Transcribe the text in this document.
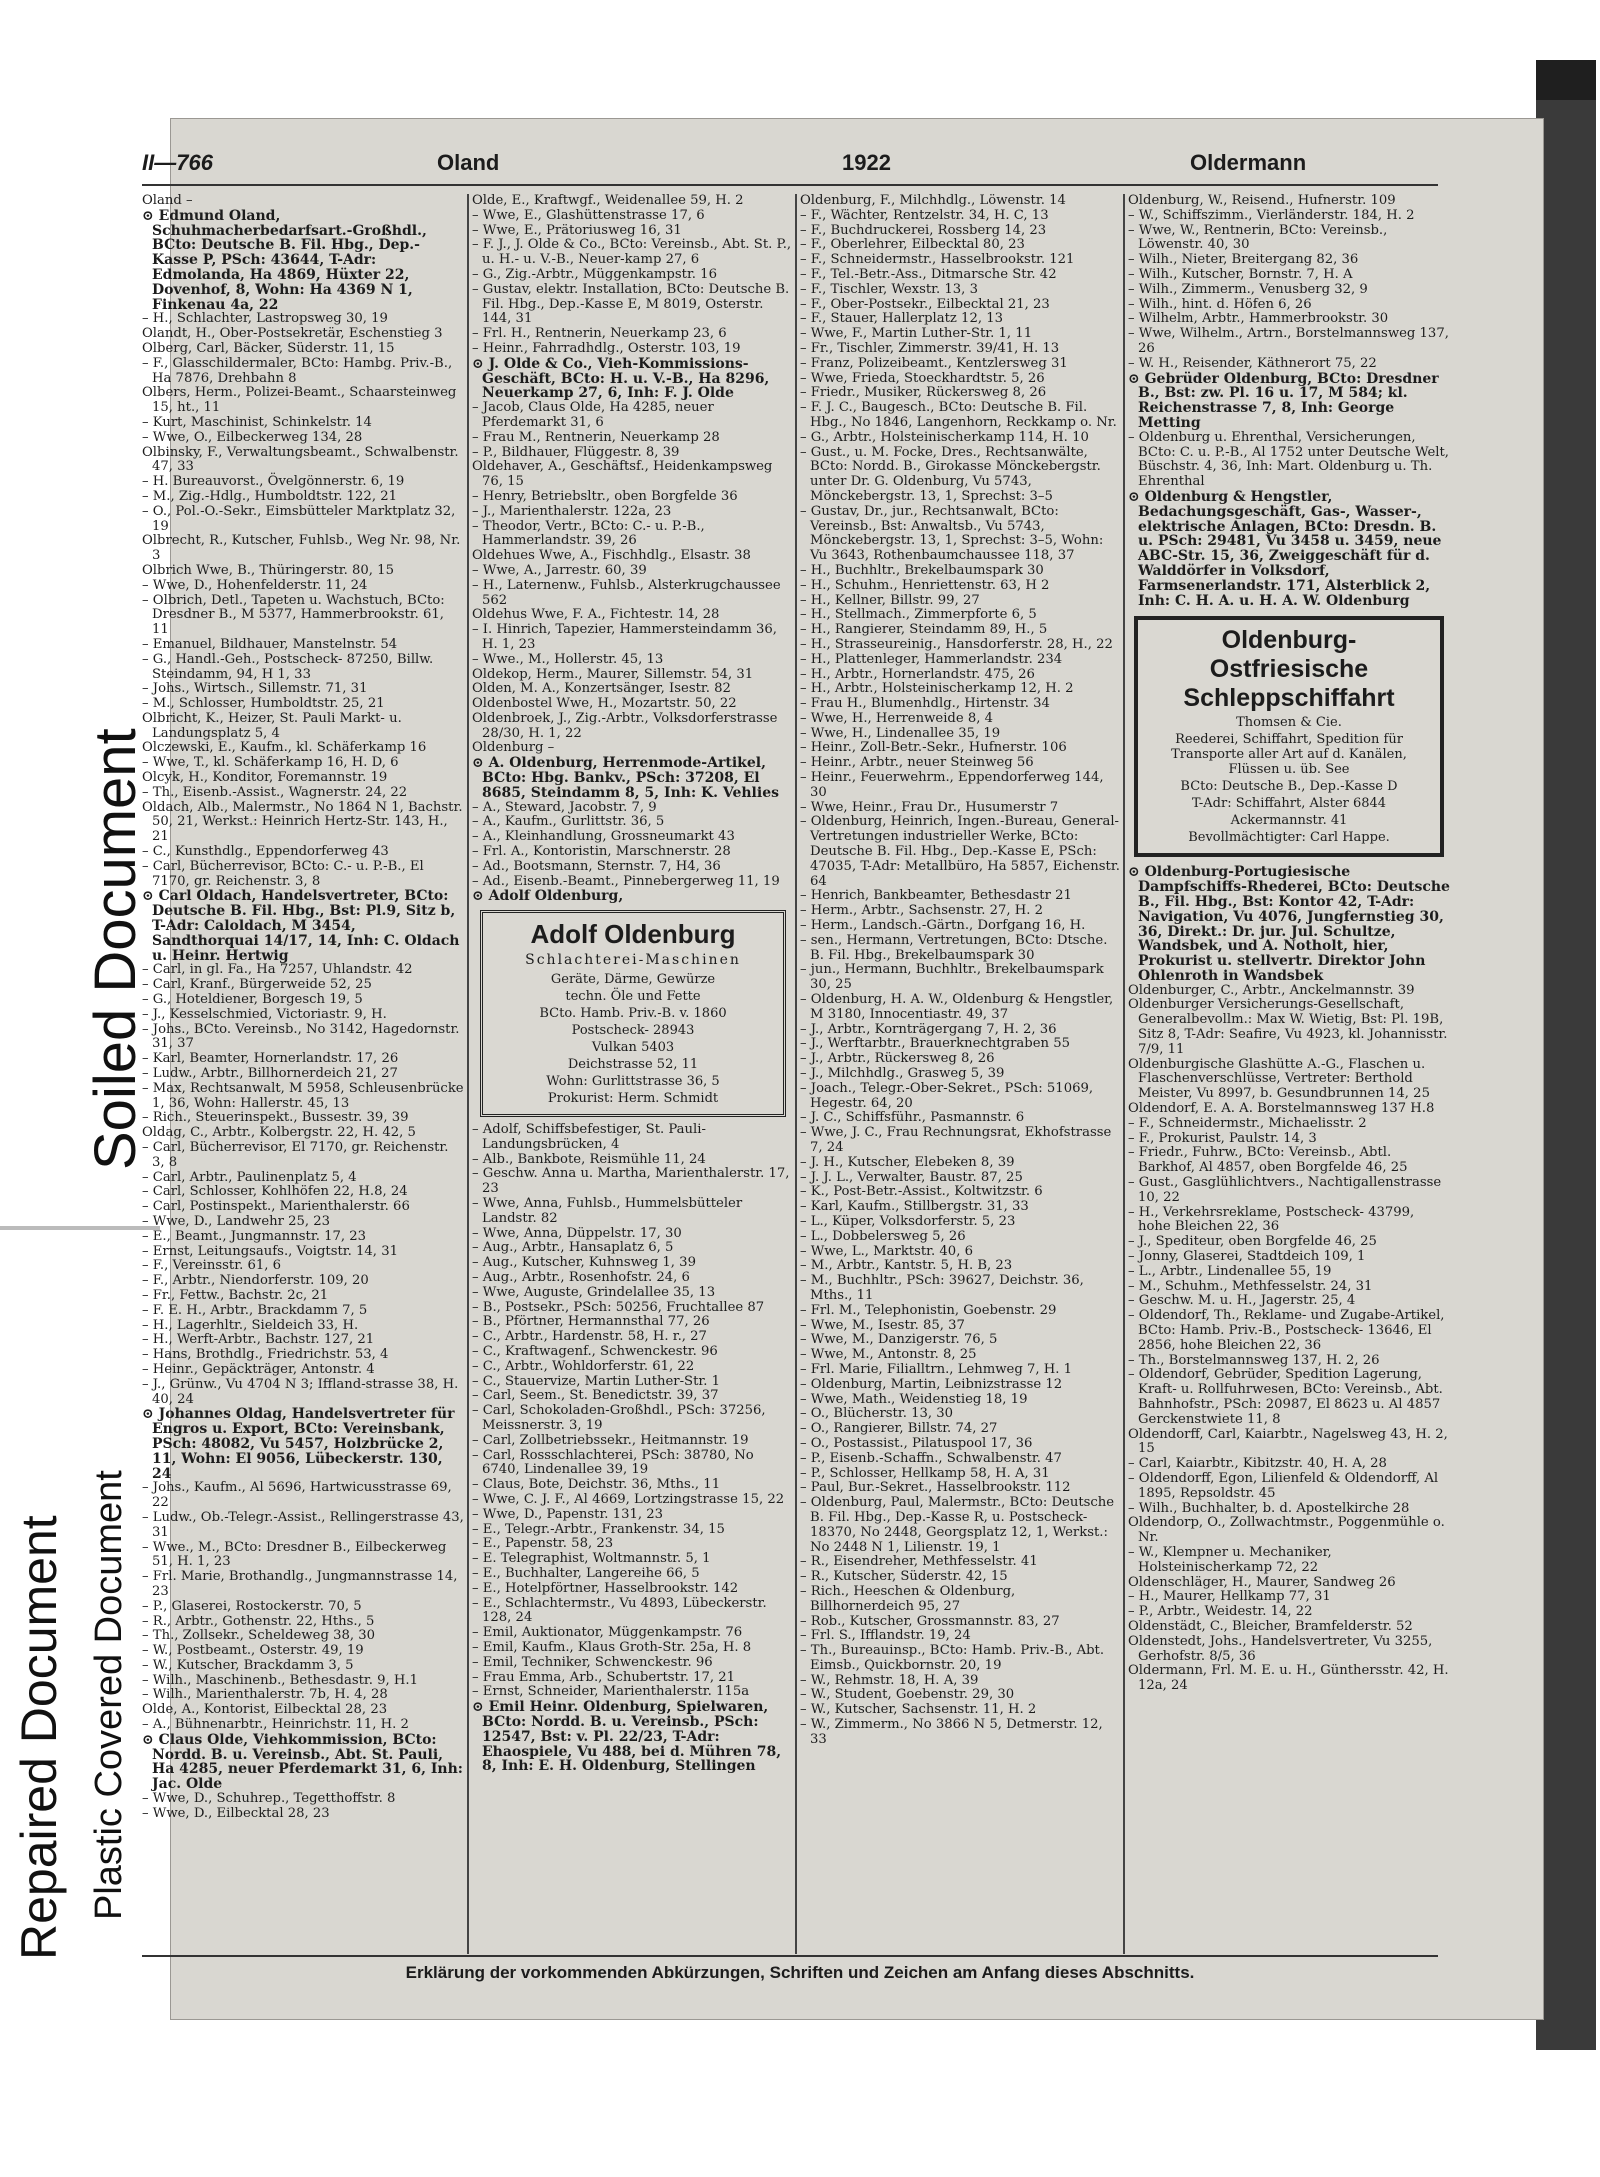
Soiled Document
Repaired Document Plastic Covered Document
II—766	Oland	1922	Oldermann

Oland –

⊙ Edmund Oland, Schuhmacherbedarfsart.-Großhdl., BCto: Deutsche B. Fil. Hbg., Dep.-Kasse P, PSch: 43644, T-Adr: Edmolanda, Ha 4869, Hüxter 22, Dovenhof, 8, Wohn: Ha 4369 N 1, Finkenau 4a, 22

– H., Schlachter, Lastropsweg 30, 19

Olandt, H., Ober-Postsekretär, Eschenstieg 3

Olberg, Carl, Bäcker, Süderstr. 11, 15

– F., Glasschildermaler, BCto: Hambg. Priv.-B., Ha 7876, Drehbahn 8

Olbers, Herm., Polizei-Beamt., Schaarsteinweg 15, ht., 11

– Kurt, Maschinist, Schinkelstr. 14

– Wwe, O., Eilbeckerweg 134, 28

Olbinsky, F., Verwaltungsbeamt., Schwalbenstr. 47, 33

– H. Bureauvorst., Övelgönnerstr. 6, 19

– M., Zig.-Hdlg., Humboldtstr. 122, 21

– O., Pol.-O.-Sekr., Eimsbütteler Marktplatz 32, 19

Olbrecht, R., Kutscher, Fuhlsb., Weg Nr. 98, Nr. 3

Olbrich Wwe, B., Thüringerstr. 80, 15

– Wwe, D., Hohenfelderstr. 11, 24

– Olbrich, Detl., Tapeten u. Wachstuch, BCto: Dresdner B., M 5377, Hammerbrookstr. 61, 11

– Emanuel, Bildhauer, Manstelnstr. 54

– G., Handl.-Geh., Postscheck- 87250, Billw. Steindamm, 94, H 1, 33

– Johs., Wirtsch., Sillemstr. 71, 31

– M., Schlosser, Humboldtstr. 25, 21

Olbricht, K., Heizer, St. Pauli Markt- u. Landungsplatz 5, 4

Olczewski, E., Kaufm., kl. Schäferkamp 16

– Wwe, T., kl. Schäferkamp 16, H. D, 6

Olcyk, H., Konditor, Foremannstr. 19

– Th., Eisenb.-Assist., Wagnerstr. 24, 22

Oldach, Alb., Malermstr., No 1864 N 1, Bachstr. 50, 21, Werkst.: Heinrich Hertz-Str. 143, H., 21

– C., Kunsthdlg., Eppendorferweg 43

– Carl, Bücherrevisor, BCto: C.- u. P.-B., El 7170, gr. Reichenstr. 3, 8

⊙ Carl Oldach, Handelsvertreter, BCto: Deutsche B. Fil. Hbg., Bst: Pl.9, Sitz b, T-Adr: Caloldach, M 3454, Sandthorquai 14/17, 14, Inh: C. Oldach u. Heinr. Hertwig

– Carl, in gl. Fa., Ha 7257, Uhlandstr. 42

– Carl, Kranf., Bürgerweide 52, 25

– G., Hoteldiener, Borgesch 19, 5

– J., Kesselschmied, Victoriastr. 9, H.

– Johs., BCto. Vereinsb., No 3142, Hagedornstr. 31, 37

– Karl, Beamter, Hornerlandstr. 17, 26

– Ludw., Arbtr., Billhornerdeich 21, 27

– Max, Rechtsanwalt, M 5958, Schleusenbrücke 1, 36, Wohn: Hallerstr. 45, 13

– Rich., Steuerinspekt., Bussestr. 39, 39

Oldag, C., Arbtr., Kolbergstr. 22, H. 42, 5

– Carl, Bücherrevisor, El 7170, gr. Reichenstr. 3, 8

– Carl, Arbtr., Paulinenplatz 5, 4

– Carl, Schlosser, Kohlhöfen 22, H.8, 24

– Carl, Postinspekt., Marienthalerstr. 66

– Wwe, D., Landwehr 25, 23

– E., Beamt., Jungmannstr. 17, 23

– Ernst, Leitungsaufs., Voigtstr. 14, 31

– F., Vereinsstr. 61, 6

– F., Arbtr., Niendorferstr. 109, 20

– Fr., Fettw., Bachstr. 2c, 21

– F. E. H., Arbtr., Brackdamm 7, 5

– H., Lagerhltr., Sieldeich 33, H.

– H., Werft-Arbtr., Bachstr. 127, 21

– Hans, Brothdlg., Friedrichstr. 53, 4

– Heinr., Gepäckträger, Antonstr. 4

– J., Grünw., Vu 4704 N 3; Iffland-strasse 38, H. 40, 24

⊙ Johannes Oldag, Handelsvertreter für Engros u. Export, BCto: Vereinsbank, PSch: 48082, Vu 5457, Holzbrücke 2, 11, Wohn: El 9056, Lübeckerstr. 130, 24

– Johs., Kaufm., Al 5696, Hartwicusstrasse 69, 22

– Ludw., Ob.-Telegr.-Assist., Rellingerstrasse 43, 31

– Wwe., M., BCto: Dresdner B., Eilbeckerweg 51, H. 1, 23

– Frl. Marie, Brothandlg., Jungmannstrasse 14, 23

– P., Glaserei, Rostockerstr. 70, 5

– R., Arbtr., Gothenstr. 22, Hths., 5

– Th., Zollsekr., Scheldeweg 38, 30

– W., Postbeamt., Osterstr. 49, 19

– W., Kutscher, Brackdamm 3, 5

– Wilh., Maschinenb., Bethesdastr. 9, H.1

– Wilh., Marienthalerstr. 7b, H. 4, 28

Olde, A., Kontorist, Eilbecktal 28, 23

– A., Bühnenarbtr., Heinrichstr. 11, H. 2

⊙ Claus Olde, Viehkommission, BCto: Nordd. B. u. Vereinsb., Abt. St. Pauli, Ha 4285, neuer Pferdemarkt 31, 6, Inh: Jac. Olde

– Wwe, D., Schuhrep., Tegetthoffstr. 8

– Wwe, D., Eilbecktal 28, 23

Olde, E., Kraftwgf., Weidenallee 59, H. 2

– Wwe, E., Glashüttenstrasse 17, 6

– Wwe, E., Prätoriusweg 16, 31

– F. J., J. Olde & Co., BCto: Vereinsb., Abt. St. P., u. H.- u. V.-B., Neuer-kamp 27, 6

– G., Zig.-Arbtr., Müggenkampstr. 16

– Gustav, elektr. Installation, BCto: Deutsche B. Fil. Hbg., Dep.-Kasse E, M 8019, Osterstr. 144, 31

– Frl. H., Rentnerin, Neuerkamp 23, 6

– Heinr., Fahrradhdlg., Osterstr. 103, 19

⊙ J. Olde & Co., Vieh-Kommissions-Geschäft, BCto: H. u. V.-B., Ha 8296, Neuerkamp 27, 6, Inh: F. J. Olde

– Jacob, Claus Olde, Ha 4285, neuer Pferdemarkt 31, 6

– Frau M., Rentnerin, Neuerkamp 28

– P., Bildhauer, Flüggestr. 8, 39

Oldehaver, A., Geschäftsf., Heidenkampsweg 76, 15

– Henry, Betriebsltr., oben Borgfelde 36

– J., Marienthalerstr. 122a, 23

– Theodor, Vertr., BCto: C.- u. P.-B., Hammerlandstr. 39, 26

Oldehues Wwe, A., Fischhdlg., Elsastr. 38

– Wwe, A., Jarrestr. 60, 39

– H., Laternenw., Fuhlsb., Alsterkrugchaussee 562

Oldehus Wwe, F. A., Fichtestr. 14, 28

– I. Hinrich, Tapezier, Hammersteindamm 36, H. 1, 23

– Wwe., M., Hollerstr. 45, 13

Oldekop, Herm., Maurer, Sillemstr. 54, 31

Olden, M. A., Konzertsänger, Isestr. 82

Oldenbostel Wwe, H., Mozartstr. 50, 22

Oldenbroek, J., Zig.-Arbtr., Volksdorferstrasse 28/30, H. 1, 22

Oldenburg –

⊙ A. Oldenburg, Herrenmode-Artikel, BCto: Hbg. Bankv., PSch: 37208, El 8685, Steindamm 8, 5, Inh: K. Vehlies

– A., Steward, Jacobstr. 7, 9

– A., Kaufm., Gurlittstr. 36, 5

– A., Kleinhandlung, Grossneumarkt 43

– Frl. A., Kontoristin, Marschnerstr. 28

– Ad., Bootsmann, Sternstr. 7, H4, 36

– Ad., Eisenb.-Beamt., Pinnebergerweg 11, 19

⊙ Adolf Oldenburg,

Adolf Oldenburg
Schlachterei-Maschinen

Geräte, Därme, Gewürze

techn. Öle und Fette

BCto. Hamb. Priv.-B. v. 1860

Postscheck- 28943

Vulkan 5403

Deichstrasse 52, 11

Wohn: Gurlittstrasse 36, 5

Prokurist: Herm. Schmidt

– Adolf, Schiffsbefestiger, St. Pauli-Landungsbrücken, 4

– Alb., Bankbote, Reismühle 11, 24

– Geschw. Anna u. Martha, Marienthalerstr. 17, 23

– Wwe, Anna, Fuhlsb., Hummelsbütteler Landstr. 82

– Wwe, Anna, Düppelstr. 17, 30

– Aug., Arbtr., Hansaplatz 6, 5

– Aug., Kutscher, Kuhnsweg 1, 39

– Aug., Arbtr., Rosenhofstr. 24, 6

– Wwe, Auguste, Grindelallee 35, 13

– B., Postsekr., PSch: 50256, Fruchtallee 87

– B., Pförtner, Hermannsthal 77, 26

– C., Arbtr., Hardenstr. 58, H. r., 27

– C., Kraftwagenf., Schwenckestr. 96

– C., Arbtr., Wohldorferstr. 61, 22

– C., Stauervize, Martin Luther-Str. 1

– Carl, Seem., St. Benedictstr. 39, 37

– Carl, Schokoladen-Großhdl., PSch: 37256, Meissnerstr. 3, 19

– Carl, Zollbetriebssekr., Heitmannstr. 19

– Carl, Rossschlachterei, PSch: 38780, No 6740, Lindenallee 39, 19

– Claus, Bote, Deichstr. 36, Mths., 11

– Wwe, C. J. F., Al 4669, Lortzingstrasse 15, 22

– Wwe, D., Papenstr. 131, 23

– E., Telegr.-Arbtr., Frankenstr. 34, 15

– E., Papenstr. 58, 23

– E. Telegraphist, Woltmannstr. 5, 1

– E., Buchhalter, Langereihe 66, 5

– E., Hotelpförtner, Hasselbrookstr. 142

– E., Schlachtermstr., Vu 4893, Lübeckerstr. 128, 24

– Emil, Auktionator, Müggenkampstr. 76

– Emil, Kaufm., Klaus Groth-Str. 25a, H. 8

– Emil, Techniker, Schwenckestr. 96

– Frau Emma, Arb., Schubertstr. 17, 21

– Ernst, Schneider, Marienthalerstr. 115a

⊙ Emil Heinr. Oldenburg, Spielwaren, BCto: Nordd. B. u. Vereinsb., PSch: 12547, Bst: v. Pl. 22/23, T-Adr: Ehaospiele, Vu 488, bei d. Mühren 78, 8, Inh: E. H. Oldenburg, Stellingen

Oldenburg, F., Milchhdlg., Löwenstr. 14

– F., Wächter, Rentzelstr. 34, H. C, 13

– F., Buchdruckerei, Rossberg 14, 23

– F., Oberlehrer, Eilbecktal 80, 23

– F., Schneidermstr., Hasselbrookstr. 121

– F., Tel.-Betr.-Ass., Ditmarsche Str. 42

– F., Tischler, Wexstr. 13, 3

– F., Ober-Postsekr., Eilbecktal 21, 23

– F., Stauer, Hallerplatz 12, 13

– Wwe, F., Martin Luther-Str. 1, 11

– Fr., Tischler, Zimmerstr. 39/41, H. 13

– Franz, Polizeibeamt., Kentzlersweg 31

– Wwe, Frieda, Stoeckhardtstr. 5, 26

– Friedr., Musiker, Rückersweg 8, 26

– F. J. C., Baugesch., BCto: Deutsche B. Fil. Hbg., No 1846, Langenhorn, Reckkamp o. Nr.

– G., Arbtr., Holsteinischerkamp 114, H. 10

– Gust., u. M. Focke, Dres., Rechtsanwälte, BCto: Nordd. B., Girokasse Mönckebergstr. unter Dr. G. Oldenburg, Vu 5743, Mönckebergstr. 13, 1, Sprechst: 3–5

– Gustav, Dr., jur., Rechtsanwalt, BCto: Vereinsb., Bst: Anwaltsb., Vu 5743, Mönckebergstr. 13, 1, Sprechst: 3–5, Wohn: Vu 3643, Rothenbaumchaussee 118, 37

– H., Buchhltr., Brekelbaumspark 30

– H., Schuhm., Henriettenstr. 63, H 2

– H., Kellner, Billstr. 99, 27

– H., Stellmach., Zimmerpforte 6, 5

– H., Rangierer, Steindamm 89, H., 5

– H., Strasseureinig., Hansdorferstr. 28, H., 22

– H., Plattenleger, Hammerlandstr. 234

– H., Arbtr., Hornerlandstr. 475, 26

– H., Arbtr., Holsteinischerkamp 12, H. 2

– Frau H., Blumenhdlg., Hirtenstr. 34

– Wwe, H., Herrenweide 8, 4

– Wwe, H., Lindenallee 35, 19

– Heinr., Zoll-Betr.-Sekr., Hufnerstr. 106

– Heinr., Arbtr., neuer Steinweg 56

– Heinr., Feuerwehrm., Eppendorferweg 144, 30

– Wwe, Heinr., Frau Dr., Husumerstr 7

– Oldenburg, Heinrich, Ingen.-Bureau, General-Vertretungen industrieller Werke, BCto: Deutsche B. Fil. Hbg., Dep.-Kasse E, PSch: 47035, T-Adr: Metallbüro, Ha 5857, Eichenstr. 64

– Henrich, Bankbeamter, Bethesdastr 21

– Herm., Arbtr., Sachsenstr. 27, H. 2

– Herm., Landsch.-Gärtn., Dorfgang 16, H.

– sen., Hermann, Vertretungen, BCto: Dtsche. B. Fil. Hbg., Brekelbaumspark 30

– jun., Hermann, Buchhltr., Brekelbaumspark 30, 25

– Oldenburg, H. A. W., Oldenburg & Hengstler, M 3180, Innocentiastr. 49, 37

– J., Arbtr., Kornträgergang 7, H. 2, 36

– J., Werftarbtr., Brauerknechtgraben 55

– J., Arbtr., Rückersweg 8, 26

– J., Milchhdlg., Grasweg 5, 39

– Joach., Telegr.-Ober-Sekret., PSch: 51069, Hegestr. 64, 20

– J. C., Schiffsführ., Pasmannstr. 6

– Wwe, J. C., Frau Rechnungsrat, Ekhofstrasse 7, 24

– J. H., Kutscher, Elebeken 8, 39

– J. J. L., Verwalter, Baustr. 87, 25

– K., Post-Betr.-Assist., Koltwitzstr. 6

– Karl, Kaufm., Stillbergstr. 31, 33

– L., Küper, Volksdorferstr. 5, 23

– L., Dobbelersweg 5, 26

– Wwe, L., Marktstr. 40, 6

– M., Arbtr., Kantstr. 5, H. B, 23

– M., Buchhltr., PSch: 39627, Deichstr. 36, Mths., 11

– Frl. M., Telephonistin, Goebenstr. 29

– Wwe, M., Isestr. 85, 37

– Wwe, M., Danzigerstr. 76, 5

– Wwe, M., Antonstr. 8, 25

– Frl. Marie, Filialltrn., Lehmweg 7, H. 1

– Oldenburg, Martin, Leibnizstrasse 12

– Wwe, Math., Weidenstieg 18, 19

– O., Blücherstr. 13, 30

– O., Rangierer, Billstr. 74, 27

– O., Postassist., Pilatuspool 17, 36

– P., Eisenb.-Schaffn., Schwalbenstr. 47

– P., Schlosser, Hellkamp 58, H. A, 31

– Paul, Bur.-Sekret., Hasselbrookstr. 112

– Oldenburg, Paul, Malermstr., BCto: Deutsche B. Fil. Hbg., Dep.-Kasse R, u. Postscheck- 18370, No 2448, Georgsplatz 12, 1, Werkst.: No 2448 N 1, Lilienstr. 19, 1

– R., Eisendreher, Methfesselstr. 41

– R., Kutscher, Süderstr. 42, 15

– Rich., Heeschen & Oldenburg, Billhornerdeich 95, 27

– Rob., Kutscher, Grossmannstr. 83, 27

– Frl. S., Ifflandstr. 19, 24

– Th., Bureauinsp., BCto: Hamb. Priv.-B., Abt. Eimsb., Quickbornstr. 20, 19

– W., Rehmstr. 18, H. A, 39

– W., Student, Goebenstr. 29, 30

– W., Kutscher, Sachsenstr. 11, H. 2

– W., Zimmerm., No 3866 N 5, Detmerstr. 12, 33

Oldenburg, W., Reisend., Hufnerstr. 109

– W., Schiffszimm., Vierländerstr. 184, H. 2

– Wwe, W., Rentnerin, BCto: Vereinsb., Löwenstr. 40, 30

– Wilh., Nieter, Breitergang 82, 36

– Wilh., Kutscher, Bornstr. 7, H. A

– Wilh., Zimmerm., Venusberg 32, 9

– Wilh., hint. d. Höfen 6, 26

– Wilhelm, Arbtr., Hammerbrookstr. 30

– Wwe, Wilhelm., Artrn., Borstelmannsweg 137, 26

– W. H., Reisender, Käthnerort 75, 22

⊙ Gebrüder Oldenburg, BCto: Dresdner B., Bst: zw. Pl. 16 u. 17, M 584; kl. Reichenstrasse 7, 8, Inh: George Metting

– Oldenburg u. Ehrenthal, Versicherungen, BCto: C. u. P.-B., Al 1752 unter Deutsche Welt, Büschstr. 4, 36, Inh: Mart. Oldenburg u. Th. Ehrenthal

⊙ Oldenburg & Hengstler, Bedachungsgeschäft, Gas-, Wasser-, elektrische Anlagen, BCto: Dresdn. B. u. PSch: 29481, Vu 3458 u. 3459, neue ABC-Str. 15, 36, Zweiggeschäft für d. Walddörfer in Volksdorf, Farmsenerlandstr. 171, Alsterblick 2, Inh: C. H. A. u. H. A. W. Oldenburg

Oldenburg-Ostfriesische Schleppschiffahrt

Thomsen & Cie.

Reederei, Schiffahrt, Spedition für Transporte aller Art auf d. Kanälen, Flüssen u. üb. See

BCto: Deutsche B., Dep.-Kasse D

T-Adr: Schiffahrt, Alster 6844

Ackermannstr. 41

Bevollmächtigter: Carl Happe.

⊙ Oldenburg-Portugiesische Dampfschiffs-Rhederei, BCto: Deutsche B., Fil. Hbg., Bst: Kontor 42, T-Adr: Navigation, Vu 4076, Jungfernstieg 30, 36, Direkt.: Dr. jur. Jul. Schultze, Wandsbek, und A. Notholt, hier, Prokurist u. stellvertr. Direktor John Ohlenroth in Wandsbek

Oldenburger, C., Arbtr., Anckelmannstr. 39

Oldenburger Versicherungs-Gesellschaft, Generalbevollm.: Max W. Wietig, Bst: Pl. 19B, Sitz 8, T-Adr: Seafire, Vu 4923, kl. Johannisstr. 7/9, 11

Oldenburgische Glashütte A.-G., Flaschen u. Flaschenverschlüsse, Vertreter: Berthold Meister, Vu 8997, b. Gesundbrunnen 14, 25

Oldendorf, E. A. A. Borstelmannsweg 137 H.8

– F., Schneidermstr., Michaelisstr. 2

– F., Prokurist, Paulstr. 14, 3

– Friedr., Fuhrw., BCto: Vereinsb., Abtl. Barkhof, Al 4857, oben Borgfelde 46, 25

– Gust., Gasglühlichtvers., Nachtigallenstrasse 10, 22

– H., Verkehrsreklame, Postscheck- 43799, hohe Bleichen 22, 36

– J., Spediteur, oben Borgfelde 46, 25

– Jonny, Glaserei, Stadtdeich 109, 1

– L., Arbtr., Lindenallee 55, 19

– M., Schuhm., Methfesselstr. 24, 31

– Geschw. M. u. H., Jagerstr. 25, 4

– Oldendorf, Th., Reklame- und Zugabe-Artikel, BCto: Hamb. Priv.-B., Postscheck- 13646, El 2856, hohe Bleichen 22, 36

– Th., Borstelmannsweg 137, H. 2, 26

– Oldendorf, Gebrüder, Spedition Lagerung, Kraft- u. Rollfuhrwesen, BCto: Vereinsb., Abt. Bahnhofstr., PSch: 20987, El 8623 u. Al 4857 Gerckenstwiete 11, 8

Oldendorff, Carl, Kaiarbtr., Nagelsweg 43, H. 2, 15

– Carl, Kaiarbtr., Kibitzstr. 40, H. A, 28

– Oldendorff, Egon, Lilienfeld & Oldendorff, Al 1895, Repsoldstr. 45

– Wilh., Buchhalter, b. d. Apostelkirche 28

Oldendorp, O., Zollwachtmstr., Poggenmühle o. Nr.

– W., Klempner u. Mechaniker, Holsteinischerkamp 72, 22

Oldenschläger, H., Maurer, Sandweg 26

– H., Maurer, Hellkamp 77, 31

– P., Arbtr., Weidestr. 14, 22

Oldenstädt, C., Bleicher, Bramfelderstr. 52

Oldenstedt, Johs., Handelsvertreter, Vu 3255, Gerhofstr. 8/5, 36

Oldermann, Frl. M. E. u. H., Günthersstr. 42, H. 12a, 24

Erklärung der vorkommenden Abkürzungen, Schriften und Zeichen am Anfang dieses Abschnitts.
